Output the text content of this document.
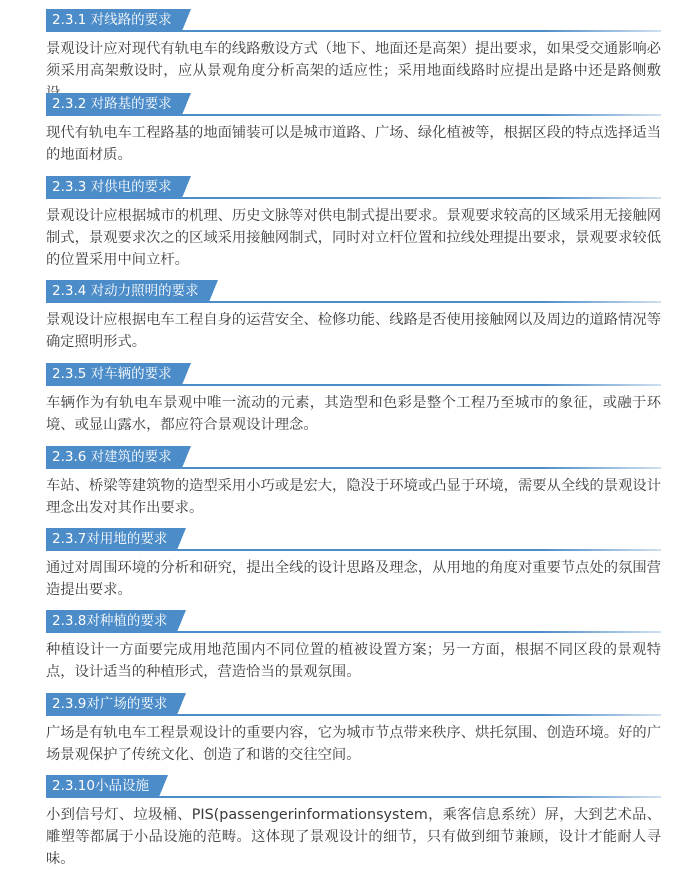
2.3.1 对线路的要求

景观设计应对现代有轨电车的线路敷设方式（地下、地面还是高架）提出要求，如果受交通影响必须采用高架敷设时，应从景观角度分析高架的适应性；采用地面线路时应提出是路中还是路侧敷

2.3.2 对路基的要求

现代有轨电车工程路基的地面铺装可以是城市道路、广场、绿化植被等，根据区段的特点选择适当的地面材质。

2.3.3 对供电的要求

景观设计应根据城市的机理、历史文脉等对供电制式提出要求。景观要求较高的区域采用无接触网制式，景观要求次之的区域采用接触网制式，同时对立杆位置和拉线处理提出要求，景观要求较低的位置采用中间立杆。

2.3.4 对动力照明的要求

景观设计应根据电车工程自身的运营安全、检修功能、线路是否使用接触网以及周边的道路情况等确定照明形式。

2.3.5 对车辆的要求

车辆作为有轨电车景观中唯一流动的元素，其造型和色彩是整个工程乃至城市的象征，或融于环境、或显山露水，都应符合景观设计理念。

2.3.6 对建筑的要求

车站、桥梁等建筑物的造型采用小巧或是宏大，隐没于环境或凸显于环境，需要从全线的景观设计理念出发对其作出要求。

2.3.7对用地的要求

通过对周围环境的分析和研究，提出全线的设计思路及理念，从用地的角度对重要节点处的氛围营造提出要求。

2.3.8对种植的要求

种植设计一方面要完成用地范围内不同位置的植被设置方案；另一方面，根据不同区段的景观特点，设计适当的种植形式，营造恰当的景观氛围。

2.3.9对广场的要求

广场是有轨电车工程景观设计的重要内容，它为城市节点带来秩序、烘托氛围、创造环境。好的广场景观保护了传统文化、创造了和谐的交往空间。

2.3.10小品设施

小到信号灯、垃圾桶、PIS(passengerinformationsystem，乘客信息系统）屏，大到艺术品、雕塑等都属于小品设施的范畴。这体现了景观设计的细节，只有做到细节兼顾，设计才能耐人寻味。
